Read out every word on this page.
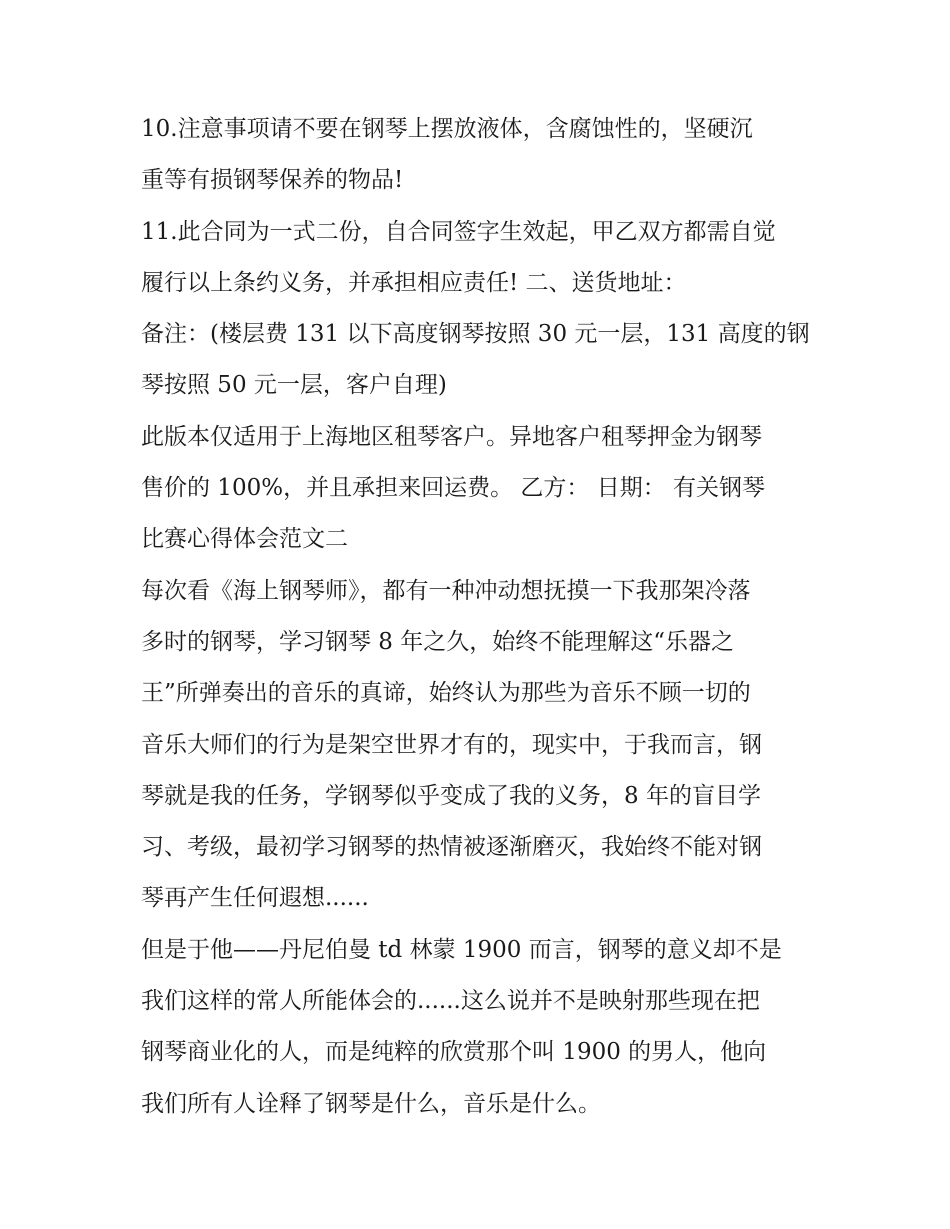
10.注意事项请不要在钢琴上摆放液体，含腐蚀性的，坚硬沉
重等有损钢琴保养的物品!
11.此合同为一式二份，自合同签字生效起，甲乙双方都需自觉
履行以上条约义务，并承担相应责任! 二、送货地址：
备注：(楼层费 131 以下高度钢琴按照 30 元一层，131 高度的钢
琴按照 50 元一层，客户自理)
此版本仅适用于上海地区租琴客户。异地客户租琴押金为钢琴
售价的 100%，并且承担来回运费。 乙方： 日期： 有关钢琴
比赛心得体会范文二
每次看《海上钢琴师》，都有一种冲动想抚摸一下我那架冷落
多时的钢琴，学习钢琴 8 年之久，始终不能理解这“乐器之
王”所弹奏出的音乐的真谛，始终认为那些为音乐不顾一切的
音乐大师们的行为是架空世界才有的，现实中，于我而言，钢
琴就是我的任务，学钢琴似乎变成了我的义务，8 年的盲目学
习、考级，最初学习钢琴的热情被逐渐磨灭，我始终不能对钢
琴再产生任何遐想......
但是于他——丹尼伯曼 td 林蒙 1900 而言，钢琴的意义却不是
我们这样的常人所能体会的......这么说并不是映射那些现在把
钢琴商业化的人，而是纯粹的欣赏那个叫 1900 的男人，他向
我们所有人诠释了钢琴是什么，音乐是什么。
